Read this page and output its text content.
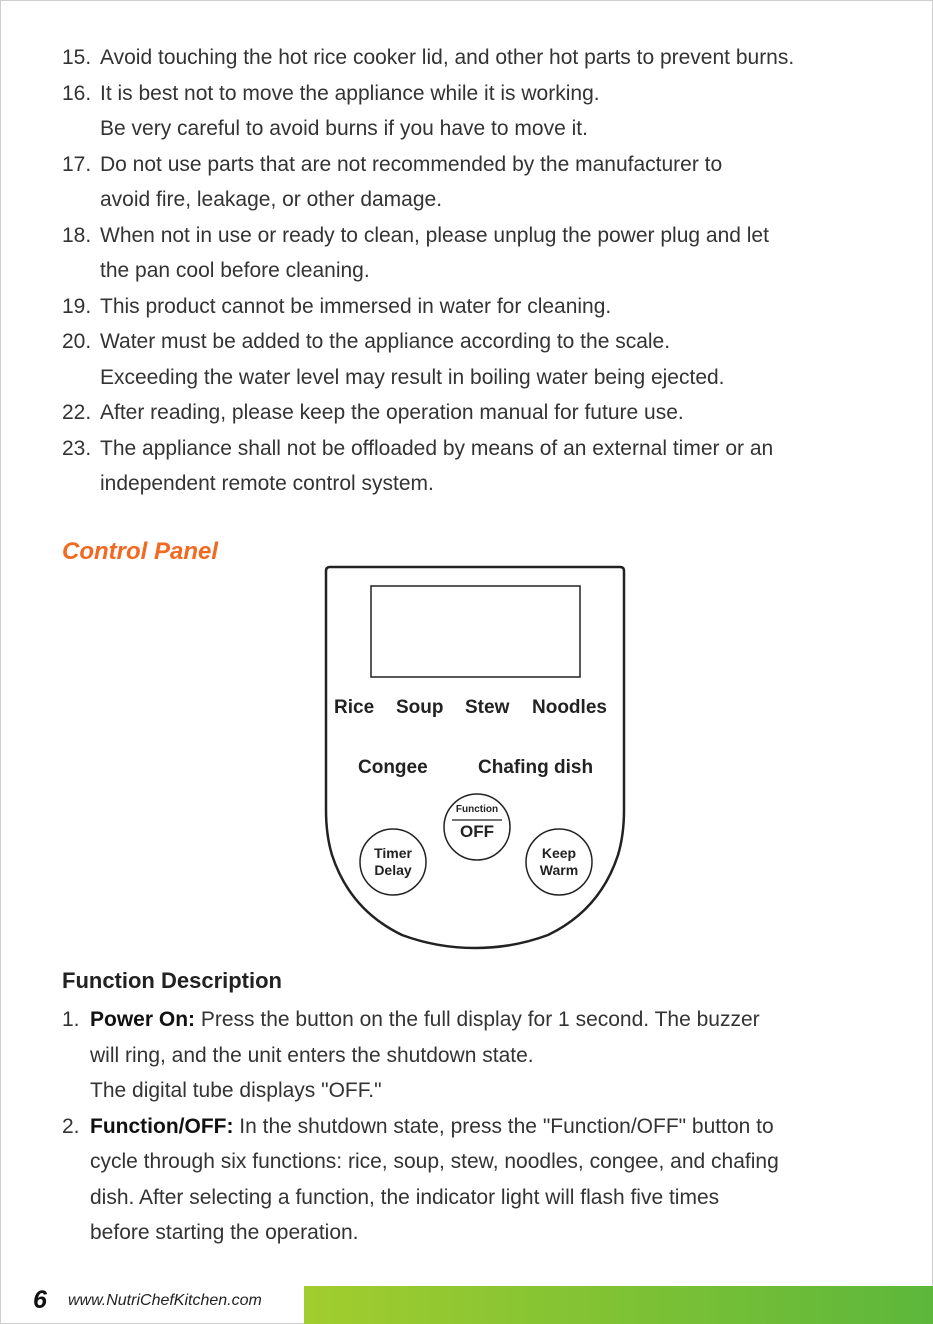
15. Avoid touching the hot rice cooker lid, and other hot parts to prevent burns.
16. It is best not to move the appliance while it is working.
Be very careful to avoid burns if you have to move it.
17. Do not use parts that are not recommended by the manufacturer to
avoid fire, leakage, or other damage.
18. When not in use or ready to clean, please unplug the power plug and let
the pan cool before cleaning.
19. This product cannot be immersed in water for cleaning.
20. Water must be added to the appliance according to the scale.
Exceeding the water level may result in boiling water being ejected.
22. After reading, please keep the operation manual for future use.
23. The appliance shall not be offloaded by means of an external timer or an
independent remote control system.
Control Panel
Rice Soup Stew Noodles
Congee	Chafing dish
Function
OFF
Timer
Delay
Keep
Warm
Function Description
1. Power On: Press the button on the full display for 1 second. The buzzer
will ring, and the unit enters the shutdown state.
The digital tube displays "OFF."
2. Function/OFF: In the shutdown state, press the "Function/OFF" button to
cycle through six functions: rice, soup, stew, noodles, congee, and chafing
dish. After selecting a function, the indicator light will flash five times
before starting the operation.
6 www.NutriChefKitchen.com
